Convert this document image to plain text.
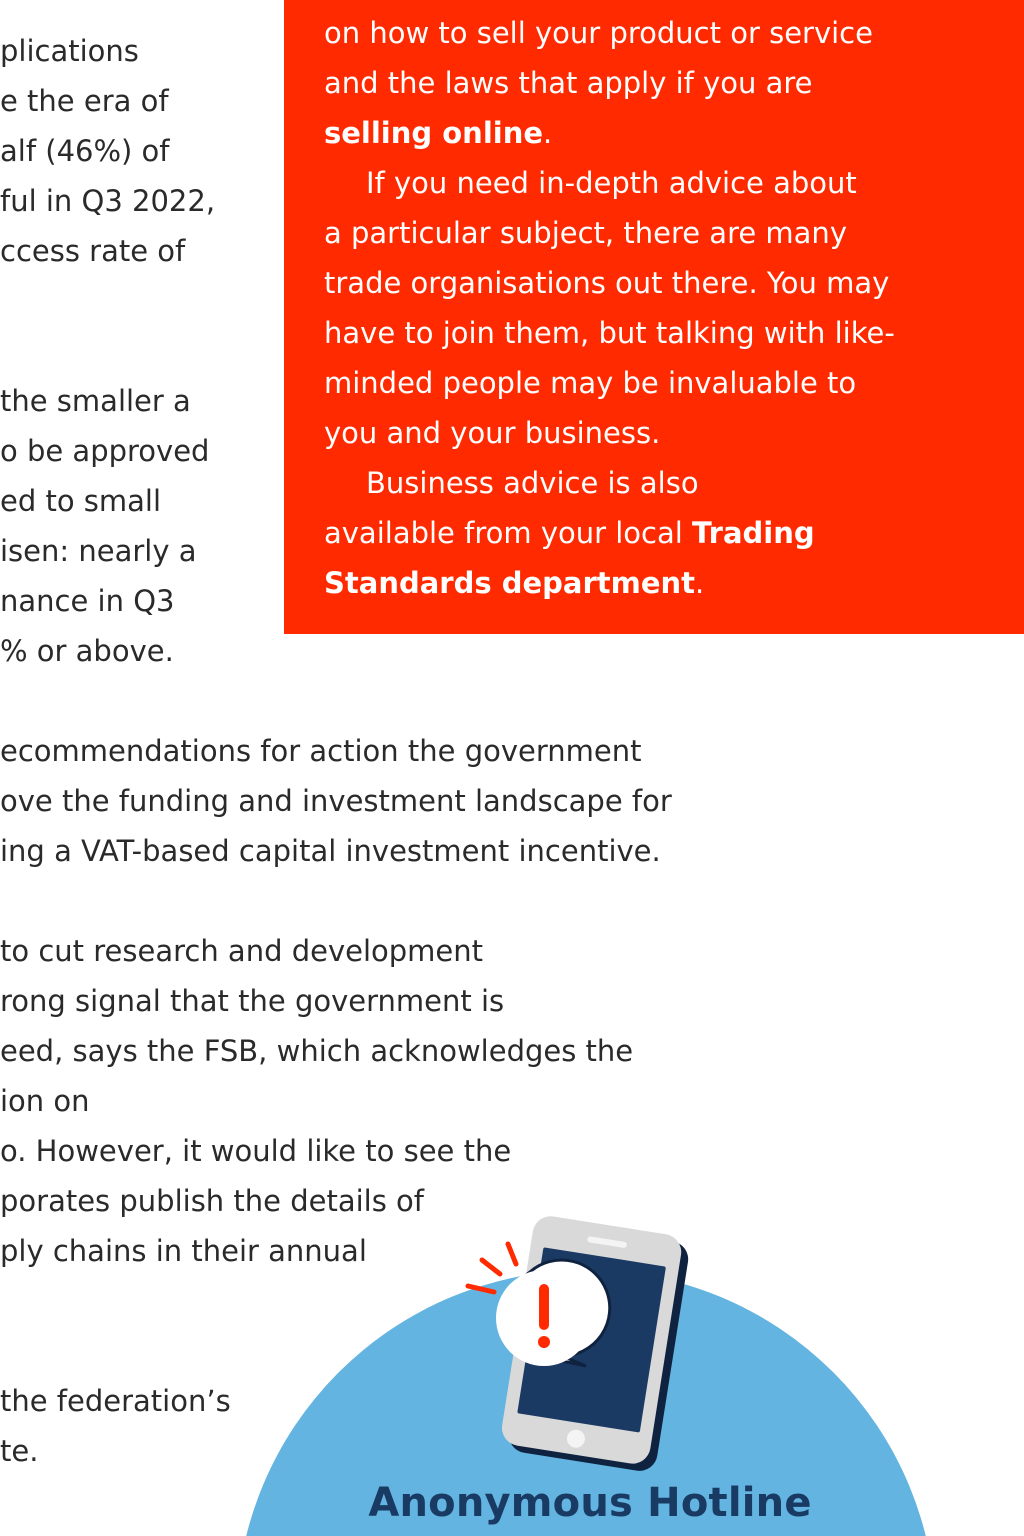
plications
e the era of
alf (46%) of
ful in Q3 2022,
ccess rate of
the smaller a
o be approved
ed to small
isen: nearly a
nance in Q3
% or above.
on how to sell your product or service
and the laws that apply if you are
selling online.
If you need in-depth advice about
a particular subject, there are many
trade organisations out there. You may
have to join them, but talking with like-
minded people may be invaluable to
you and your business.
Business advice is also
available from your local Trading
Standards department.
ecommendations for action the government
ove the funding and investment landscape for
ing a VAT-based capital investment incentive.
to cut research and development
rong signal that the government is
eed, says the FSB, which acknowledges the
ion on
o. However, it would like to see the
porates publish the details of
ply chains in their annual
the federation’s
te.
Anonymous Hotline
